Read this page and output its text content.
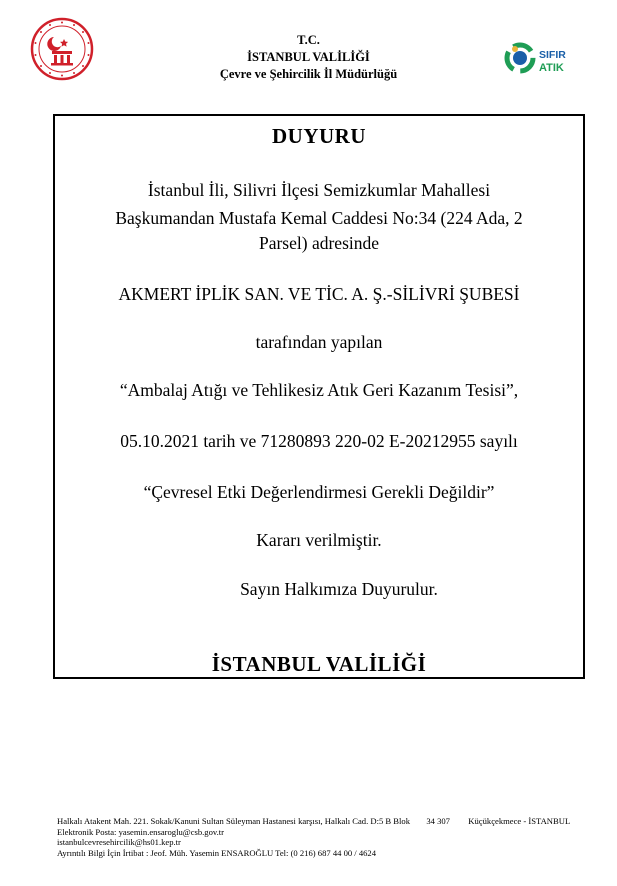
SIFIR
ATIK
T.C.
İSTANBUL VALİLİĞİ
Çevre ve Şehircilik İl Müdürlüğü
DUYURU
İstanbul İli, Silivri İlçesi Semizkumlar Mahallesi
Başkumandan Mustafa Kemal Caddesi No:34 (224 Ada, 2
Parsel) adresinde
AKMERT İPLİK SAN. VE TİC. A. Ş.-SİLİVRİ ŞUBESİ
tarafından yapılan
“Ambalaj Atığı ve Tehlikesiz Atık Geri Kazanım Tesisi”,
05.10.2021 tarih ve 71280893 220-02 E-20212955 sayılı
“Çevresel Etki Değerlendirmesi Gerekli Değildir”
Kararı verilmiştir.
Sayın Halkımıza Duyurulur.
İSTANBUL VALİLİĞİ
Halkalı Atakent Mah. 221. Sokak/Kanuni Sultan Süleyman Hastanesi karşısı, Halkalı Cad. D:5 B Blok 34 307 Küçükçekmece - İSTANBUL
Elektronik Posta: yasemin.ensaroglu@csb.gov.tr
istanbulcevresehircilik@hs01.kep.tr
Ayrıntılı Bilgi İçin İrtibat : Jeof. Müh. Yasemin ENSAROĞLU Tel: (0 216) 687 44 00 / 4624
